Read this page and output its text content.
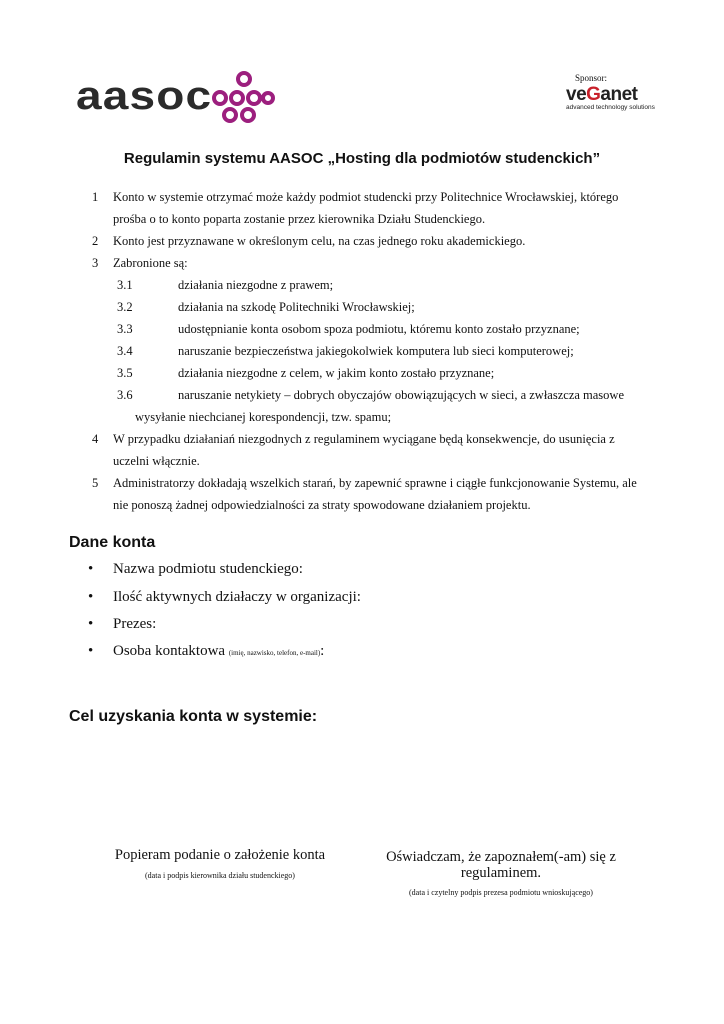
aasoc	Sponsor:
veGanet
advanced technology solutions
Regulamin systemu AASOC „Hosting dla podmiotów studenckich”
1 Konto w systemie otrzymać może każdy podmiot studencki przy Politechnice Wrocławskiej, którego
prośba o to konto poparta zostanie przez kierownika Działu Studenckiego.
2 Konto jest przyznawane w określonym celu, na czas jednego roku akademickiego.
3 Zabronione są:
3.1	działania niezgodne z prawem;
3.2	działania na szkodę Politechniki Wrocławskiej;
3.3	udostępnianie konta osobom spoza podmiotu, któremu konto zostało przyznane;
3.4	naruszanie bezpieczeństwa jakiegokolwiek komputera lub sieci komputerowej;
3.5	działania niezgodne z celem, w jakim konto zostało przyznane;
3.6	naruszanie netykiety – dobrych obyczajów obowiązujących w sieci, a zwłaszcza masowe
wysyłanie niechcianej korespondencji, tzw. spamu;
4 W przypadku działaniań niezgodnych z regulaminem wyciągane będą konsekwencje, do usunięcia z
uczelni włącznie.
5 Administratorzy dokładają wszelkich starań, by zapewnić sprawne i ciągłe funkcjonowanie Systemu, ale
nie ponoszą żadnej odpowiedzialności za straty spowodowane działaniem projektu.
Dane konta
• Nazwa podmiotu studenckiego:
• Ilość aktywnych działaczy w organizacji:
• Prezes:
• Osoba kontaktowa (imię, nazwisko, telefon, e-mail):
Cel uzyskania konta w systemie:
Popieram podanie o założenie konta
(data i podpis kierownika działu studenckiego)
Oświadczam, że zapoznałem(-am) się z
regulaminem.
(data i czytelny podpis prezesa podmiotu wnioskującego)
